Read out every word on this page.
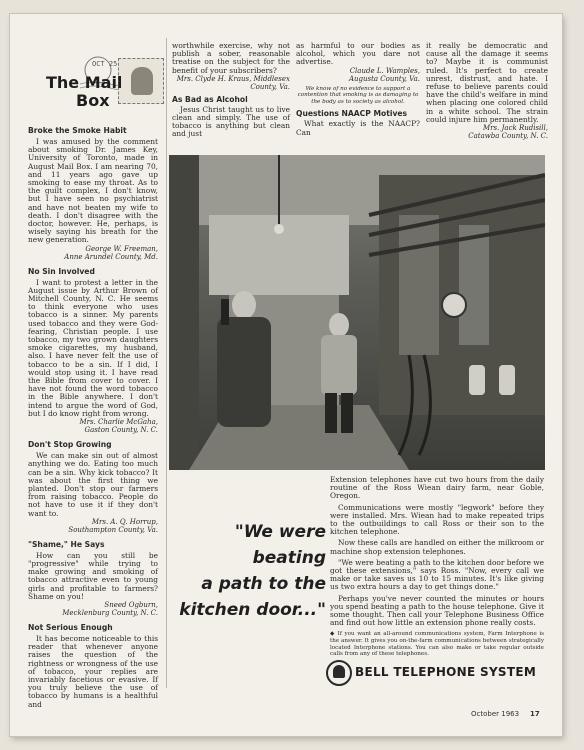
OCT 25
The Mail
Box
Broke the Smoke Habit

I was amused by the comment about smoking Dr. James Key, University of Toronto, made in August Mail Box. I am nearing 70, and 11 years ago gave up smoking to ease my throat. As to the guilt complex, I don't know, but I have seen no psychiatrist and have not beaten my wife to death. I don't disagree with the doctor, however. He, perhaps, is wisely saying his breath for the new generation.

George W. Freeman,

Anne Arundel County, Md.

No Sin Involved

I want to protest a letter in the August issue by Arthur Brown of Mitchell County, N. C. He seems to think everyone who uses tobacco is a sinner. My parents used tobacco and they were God-fearing, Christian people. I use tobacco, my two grown daughters smoke cigarettes, my husband, also. I have never felt the use of tobacco to be a sin. If I did, I would stop using it. I have read the Bible from cover to cover. I have not found the word tobacco in the Bible anywhere. I don't intend to argue the word of God, but I do know right from wrong.

Mrs. Charlie McGaha,

Gaston County, N. C.

Don't Stop Growing

We can make sin out of almost anything we do. Eating too much can be a sin. Why kick tobacco? It was about the first thing we planted. Don't stop our farmers from raising tobacco. People do not have to use it if they don't want to.

Mrs. A. Q. Horrup,

Southampton County, Va.

"Shame," He Says

How can you still be "progressive" while trying to make growing and smoking of tobacco attractive even to young girls and profitable to farmers? Shame on you!

Sneed Ogburn,

Mecklenburg County, N. C.

Not Serious Enough

It has become noticeable to this reader that whenever anyone raises the question of the rightness or wrongness of the use of tobacco, your replies are invariably facetious or evasive. If you truly believe the use of tobacco by humans is a healthful and

worthwhile exercise, why not publish a sober, reasonable treatise on the subject for the benefit of your subscribers?

Mrs. Clyde H. Kraus, Middlesex County, Va.

As Bad as Alcohol

Jesus Christ taught us to live clean and simply. The use of tobacco is anything but clean and just

as harmful to our bodies as alcohol, which you dare not advertise.

Claude L. Wamples,

Augusta County, Va.

We know of no evidence to support a contention that smoking is as damaging to the body as to society as alcohol.

Questions NAACP Motives

What exactly is the NAACP? Can

it really be democratic and cause all the damage it seems to? Maybe it is communist ruled. It's perfect to create unrest, distrust, and hate. I refuse to believe parents could have the child's welfare in mind when placing one colored child in a white school. The strain could injure him permanently.

Mrs. Jack Rudisill,

Catawba County, N. C.

"We were beating
a path to the
kitchen door..."

Extension telephones have cut two hours from the daily routine of the Ross Wiean dairy farm, near Goble, Oregon.

Communications were mostly "legwork" before they were installed. Mrs. Wiean had to make repeated trips to the outbuildings to call Ross or their son to the kitchen telephone.

Now these calls are handled on either the milkroom or machine shop extension telephones.

"We were beating a path to the kitchen door before we got these extensions," says Ross. "Now, every call we make or take saves us 10 to 15 minutes. It's like giving us two extra hours a day to get things done."

Perhaps you've never counted the minutes or hours you spend beating a path to the house telephone. Give it some thought. Then call your Telephone Business Office and find out how little an extension phone really costs.

◆ If you want an all-around communications system, Farm Interphone is the answer. It gives you on-the-farm communications between strategically located Interphone stations. You can also make or take regular outside calls from any of these telephones.

BELL TELEPHONE SYSTEM
October 1963 17
